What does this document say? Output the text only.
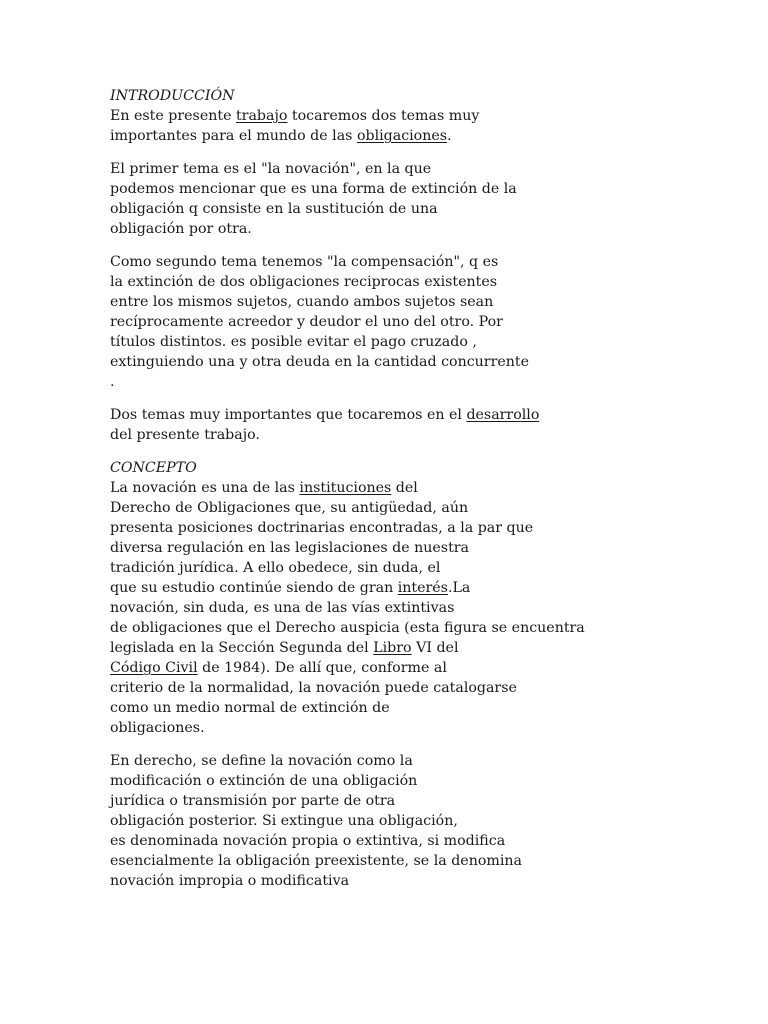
INTRODUCCIÓN

En este presente trabajo tocaremos dos temas muy
importantes para el mundo de las obligaciones.

El primer tema es el "la novación", en la que
podemos mencionar que es una forma de extinción de la
obligación q consiste en la sustitución de una
obligación por otra.

Como segundo tema tenemos "la compensación", q es
la extinción de dos obligaciones reciprocas existentes
entre los mismos sujetos, cuando ambos sujetos sean
recíprocamente acreedor y deudor el uno del otro. Por
títulos distintos. es posible evitar el pago cruzado ,
extinguiendo una y otra deuda en la cantidad concurrente
.

Dos temas muy importantes que tocaremos en el desarrollo
del presente trabajo.

CONCEPTO

La novación es una de las instituciones del
Derecho de Obligaciones que, su antigüedad, aún
presenta posiciones doctrinarias encontradas, a la par que
diversa regulación en las legislaciones de nuestra
tradición jurídica. A ello obedece, sin duda, el
que su estudio continúe siendo de gran interés.La
novación, sin duda, es una de las vías extintivas
de obligaciones que el Derecho auspicia (esta figura se encuentra
legislada en la Sección Segunda del Libro VI del
Código Civil de 1984). De allí que, conforme al
criterio de la normalidad, la novación puede catalogarse
como un medio normal de extinción de
obligaciones.

En derecho, se define la novación como la
modificación o extinción de una obligación
jurídica o transmisión por parte de otra
obligación posterior. Si extingue una obligación,
es denominada novación propia o extintiva, si modifica
esencialmente la obligación preexistente, se la denomina
novación impropia o modificativa
